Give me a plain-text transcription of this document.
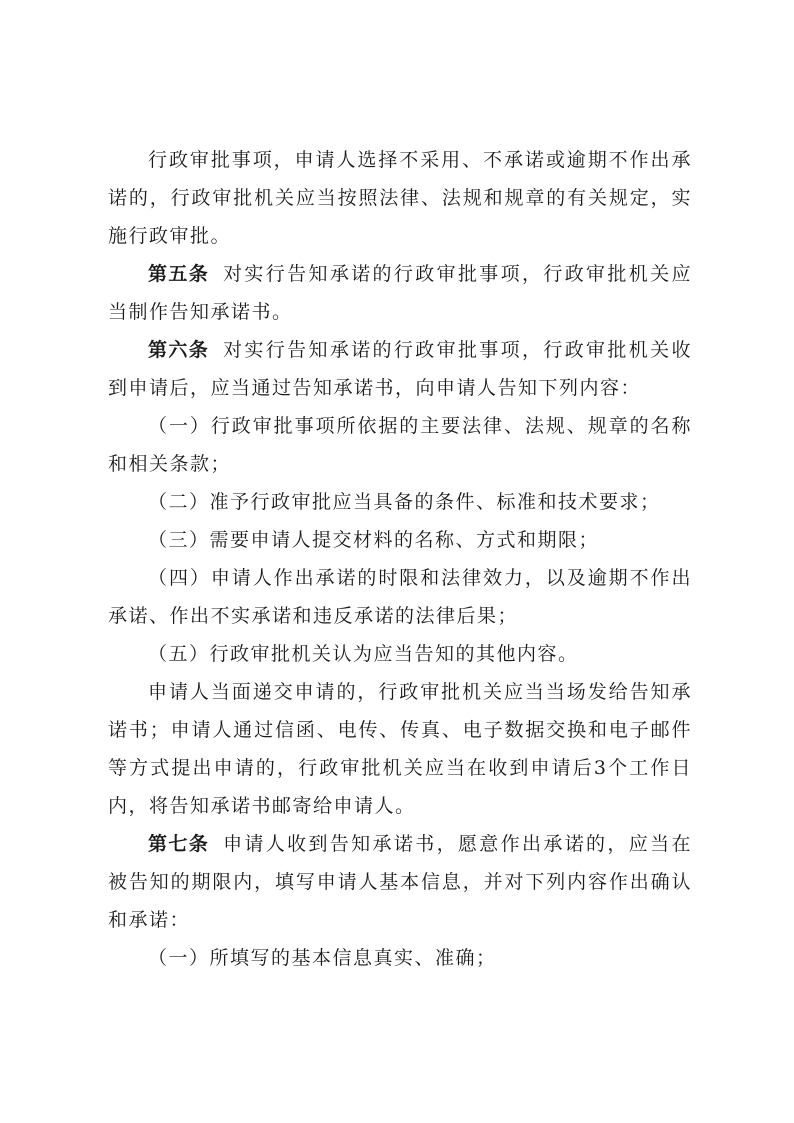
行政审批事项，申请人选择不采用、不承诺或逾期不作出承诺的，行政审批机关应当按照法律、法规和规章的有关规定，实施行政审批。

第五条 对实行告知承诺的行政审批事项，行政审批机关应当制作告知承诺书。

第六条 对实行告知承诺的行政审批事项，行政审批机关收到申请后，应当通过告知承诺书，向申请人告知下列内容：

（一）行政审批事项所依据的主要法律、法规、规章的名称和相关条款；

（二）准予行政审批应当具备的条件、标准和技术要求；

（三）需要申请人提交材料的名称、方式和期限；

（四）申请人作出承诺的时限和法律效力，以及逾期不作出承诺、作出不实承诺和违反承诺的法律后果；

（五）行政审批机关认为应当告知的其他内容。

申请人当面递交申请的，行政审批机关应当当场发给告知承诺书；申请人通过信函、电传、传真、电子数据交换和电子邮件等方式提出申请的，行政审批机关应当在收到申请后3个工作日内，将告知承诺书邮寄给申请人。

第七条 申请人收到告知承诺书，愿意作出承诺的，应当在被告知的期限内，填写申请人基本信息，并对下列内容作出确认和承诺：

（一）所填写的基本信息真实、准确；
